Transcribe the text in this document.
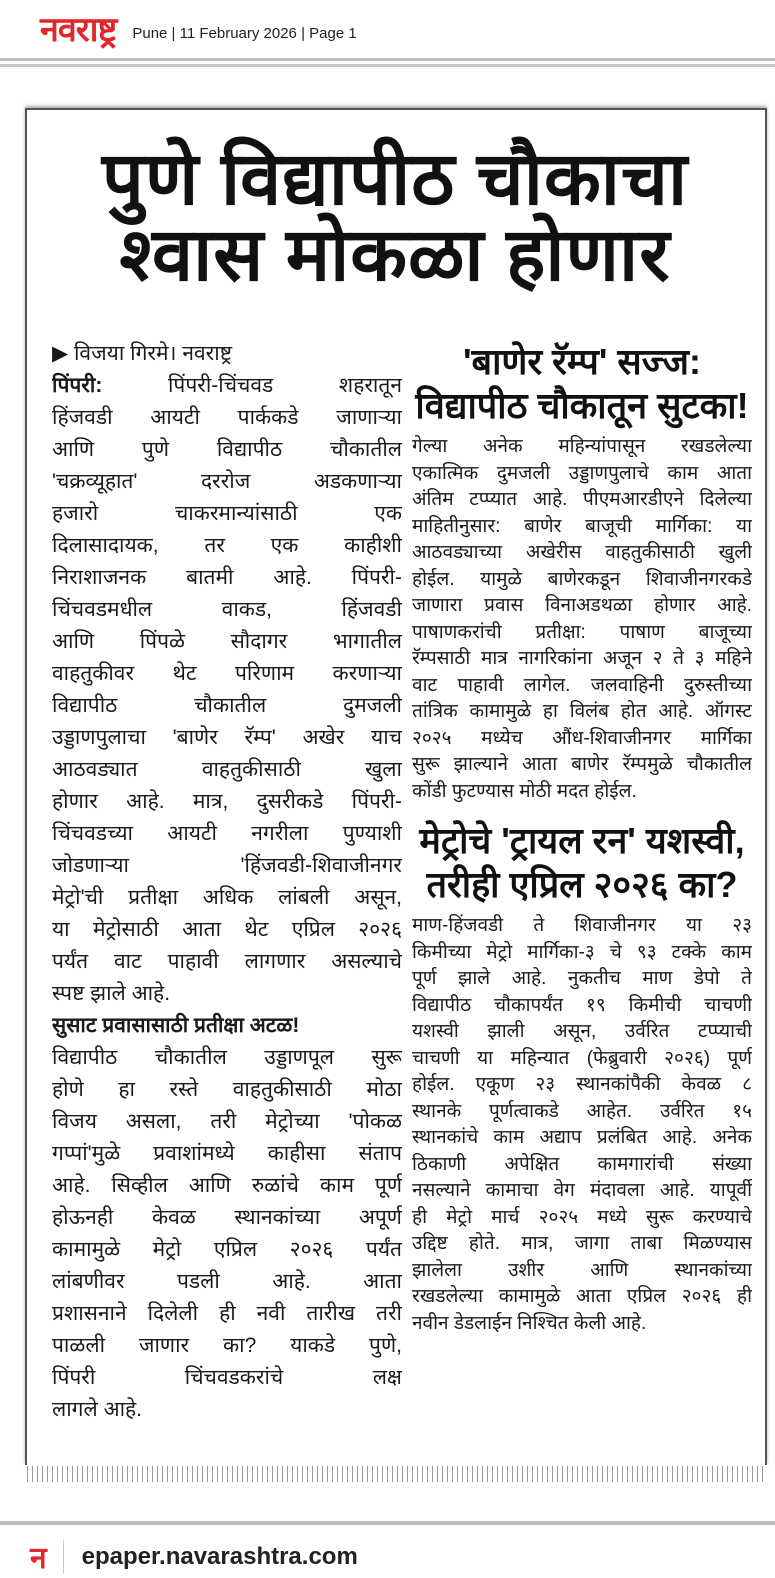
नवराष्ट्र Pune | 11 February 2026 | Page 1
पुणे विद्यापीठ चौकाचा
श्वास मोकळा होणार
▶ विजया गिरमे। नवराष्ट्र
पिंपरी: पिंपरी-चिंचवड शहरातून
हिंजवडी आयटी पार्ककडे जाणाऱ्या
आणि पुणे विद्यापीठ चौकातील
'चक्रव्यूहात' दररोज अडकणाऱ्या
हजारो चाकरमान्यांसाठी एक
दिलासादायक, तर एक काहीशी
निराशाजनक बातमी आहे. पिंपरी-
चिंचवडमधील वाकड, हिंजवडी
आणि पिंपळे सौदागर भागातील
वाहतुकीवर थेट परिणाम करणाऱ्या
विद्यापीठ चौकातील दुमजली
उड्डाणपुलाचा 'बाणेर रॅम्प' अखेर याच
आठवड्यात वाहतुकीसाठी खुला
होणार आहे. मात्र, दुसरीकडे पिंपरी-
चिंचवडच्या आयटी नगरीला पुण्याशी
जोडणाऱ्या 'हिंजवडी-शिवाजीनगर
मेट्रो'ची प्रतीक्षा अधिक लांबली असून,
या मेट्रोसाठी आता थेट एप्रिल २०२६
पर्यंत वाट पाहावी लागणार असल्याचे
स्पष्ट झाले आहे.
सुसाट प्रवासासाठी प्रतीक्षा अटळ!
विद्यापीठ चौकातील उड्डाणपूल सुरू
होणे हा रस्ते वाहतुकीसाठी मोठा
विजय असला, तरी मेट्रोच्या 'पोकळ
गप्पां'मुळे प्रवाशांमध्ये काहीसा संताप
आहे. सिव्हील आणि रुळांचे काम पूर्ण
होऊनही केवळ स्थानकांच्या अपूर्ण
कामामुळे मेट्रो एप्रिल २०२६ पर्यंत
लांबणीवर पडली आहे. आता
प्रशासनाने दिलेली ही नवी तारीख तरी
पाळली जाणार का? याकडे पुणे,
पिंपरी चिंचवडकरांचे लक्ष
लागले आहे.
'बाणेर रॅम्प' सज्ज:
विद्यापीठ चौकातून सुटका!
गेल्या अनेक महिन्यांपासून रखडलेल्या
एकात्मिक दुमजली उड्डाणपुलाचे काम आता
अंतिम टप्प्यात आहे. पीएमआरडीएने दिलेल्या
माहितीनुसार: बाणेर बाजूची मार्गिका: या
आठवड्याच्या अखेरीस वाहतुकीसाठी खुली
होईल. यामुळे बाणेरकडून शिवाजीनगरकडे
जाणारा प्रवास विनाअडथळा होणार आहे.
पाषाणकरांची प्रतीक्षा: पाषाण बाजूच्या
रॅम्पसाठी मात्र नागरिकांना अजून २ ते ३ महिने
वाट पाहावी लागेल. जलवाहिनी दुरुस्तीच्या
तांत्रिक कामामुळे हा विलंब होत आहे. ऑगस्ट
२०२५ मध्येच औंध-शिवाजीनगर मार्गिका
सुरू झाल्याने आता बाणेर रॅम्पमुळे चौकातील
कोंडी फुटण्यास मोठी मदत होईल.
मेट्रोचे 'ट्रायल रन' यशस्वी,
तरीही एप्रिल २०२६ का?
माण-हिंजवडी ते शिवाजीनगर या २३
किमीच्या मेट्रो मार्गिका-३ चे ९३ टक्के काम
पूर्ण झाले आहे. नुकतीच माण डेपो ते
विद्यापीठ चौकापर्यंत १९ किमीची चाचणी
यशस्वी झाली असून, उर्वरित टप्प्याची
चाचणी या महिन्यात (फेब्रुवारी २०२६) पूर्ण
होईल. एकूण २३ स्थानकांपैकी केवळ ८
स्थानके पूर्णत्वाकडे आहेत. उर्वरित १५
स्थानकांचे काम अद्याप प्रलंबित आहे. अनेक
ठिकाणी अपेक्षित कामगारांची संख्या
नसल्याने कामाचा वेग मंदावला आहे. यापूर्वी
ही मेट्रो मार्च २०२५ मध्ये सुरू करण्याचे
उद्दिष्ट होते. मात्र, जागा ताबा मिळण्यास
झालेला उशीर आणि स्थानकांच्या
रखडलेल्या कामामुळे आता एप्रिल २०२६ ही
नवीन डेडलाईन निश्चित केली आहे.
न epaper.navarashtra.com
